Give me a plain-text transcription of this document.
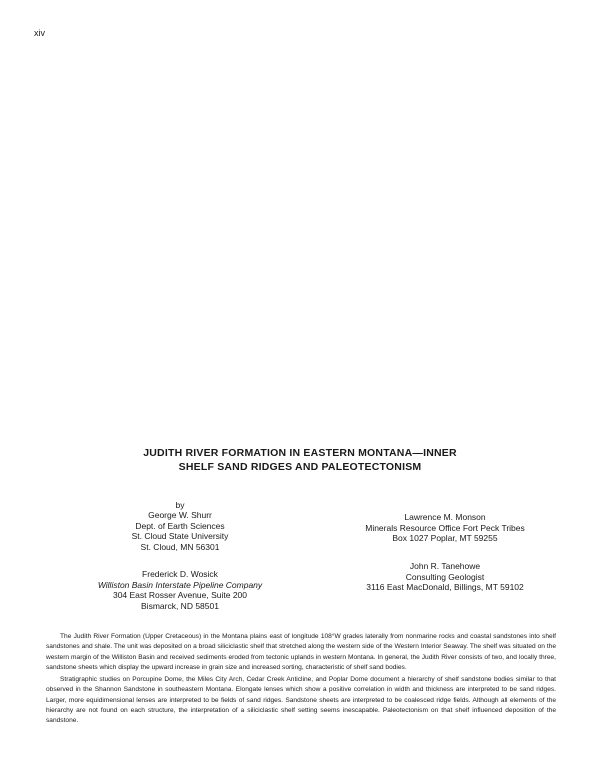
xiv
JUDITH RIVER FORMATION IN EASTERN MONTANA—INNER
SHELF SAND RIDGES AND PALEOTECTONISM
by
George W. Shurr
Dept. of Earth Sciences
St. Cloud State University
St. Cloud, MN 56301
Frederick D. Wosick
Williston Basin Interstate Pipeline Company
304 East Rosser Avenue, Suite 200
Bismarck, ND 58501
Lawrence M. Monson
Minerals Resource Office Fort Peck Tribes
Box 1027 Poplar, MT 59255
John R. Tanehowe
Consulting Geologist
3116 East MacDonald, Billings, MT 59102

The Judith River Formation (Upper Cretaceous) in the Montana plains east of longitude 108°W grades laterally from nonmarine rocks and coastal sandstones into shelf sandstones and shale. The unit was deposited on a broad siliciclastic shelf that stretched along the western side of the Western Interior Seaway. The shelf was situated on the western margin of the Williston Basin and received sediments eroded from tectonic uplands in western Montana. In general, the Judith River consists of two, and locally three, sandstone sheets which display the upward increase in grain size and increased sorting, characteristic of shelf sand bodies.

Stratigraphic studies on Porcupine Dome, the Miles City Arch, Cedar Creek Anticline, and Poplar Dome document a hierarchy of shelf sandstone bodies similar to that observed in the Shannon Sandstone in southeastern Montana. Elongate lenses which show a positive correlation in width and thickness are interpreted to be sand ridges. Larger, more equidimensional lenses are interpreted to be fields of sand ridges. Sandstone sheets are interpreted to be coalesced ridge fields. Although all elements of the hierarchy are not found on each structure, the interpretation of a siliciclastic shelf setting seems inescapable. Paleotectonism on that shelf influenced deposition of the sandstone.
